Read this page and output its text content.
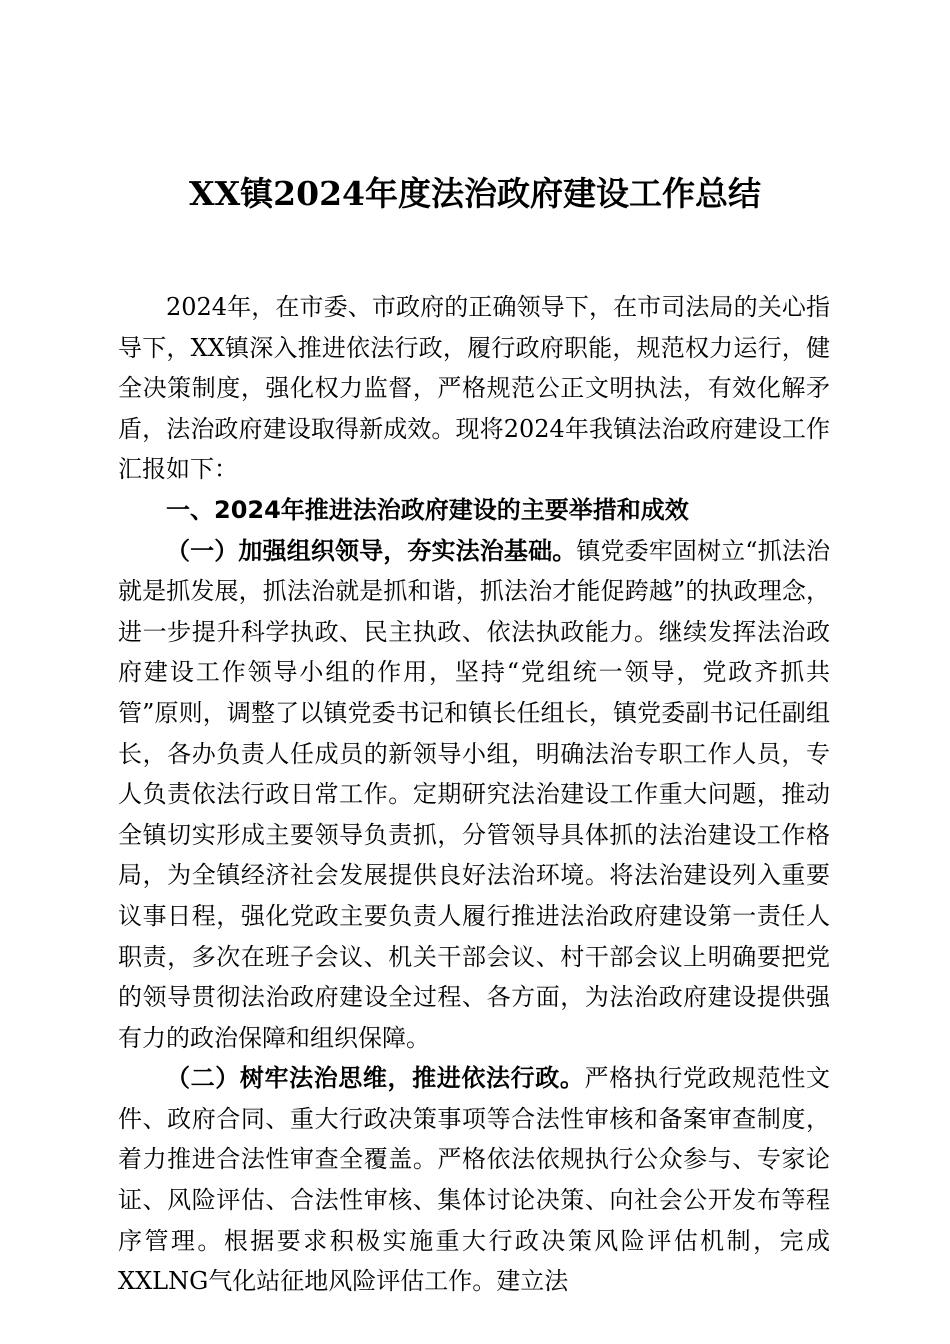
XX镇2024年度法治政府建设工作总结

2024年，在市委、市政府的正确领导下，在市司法局的关心指导下，XX镇深入推进依法行政，履行政府职能，规范权力运行，健全决策制度，强化权力监督，严格规范公正文明执法，有效化解矛盾，法治政府建设取得新成效。现将2024年我镇法治政府建设工作汇报如下：

一、2024年推进法治政府建设的主要举措和成效

（一）加强组织领导，夯实法治基础。镇党委牢固树立“抓法治就是抓发展，抓法治就是抓和谐，抓法治才能促跨越”的执政理念，进一步提升科学执政、民主执政、依法执政能力。继续发挥法治政府建设工作领导小组的作用，坚持“党组统一领导，党政齐抓共管”原则，调整了以镇党委书记和镇长任组长，镇党委副书记任副组长，各办负责人任成员的新领导小组，明确法治专职工作人员，专人负责依法行政日常工作。定期研究法治建设工作重大问题，推动全镇切实形成主要领导负责抓，分管领导具体抓的法治建设工作格局，为全镇经济社会发展提供良好法治环境。将法治建设列入重要议事日程，强化党政主要负责人履行推进法治政府建设第一责任人职责，多次在班子会议、机关干部会议、村干部会议上明确要把党的领导贯彻法治政府建设全过程、各方面，为法治政府建设提供强有力的政治保障和组织保障。

（二）树牢法治思维，推进依法行政。严格执行党政规范性文件、政府合同、重大行政决策事项等合法性审核和备案审查制度，着力推进合法性审查全覆盖。严格依法依规执行公众参与、专家论证、风险评估、合法性审核、集体讨论决策、向社会公开发布等程序管理。根据要求积极实施重大行政决策风险评估机制，完成XXLNG气化站征地风险评估工作。建立法
